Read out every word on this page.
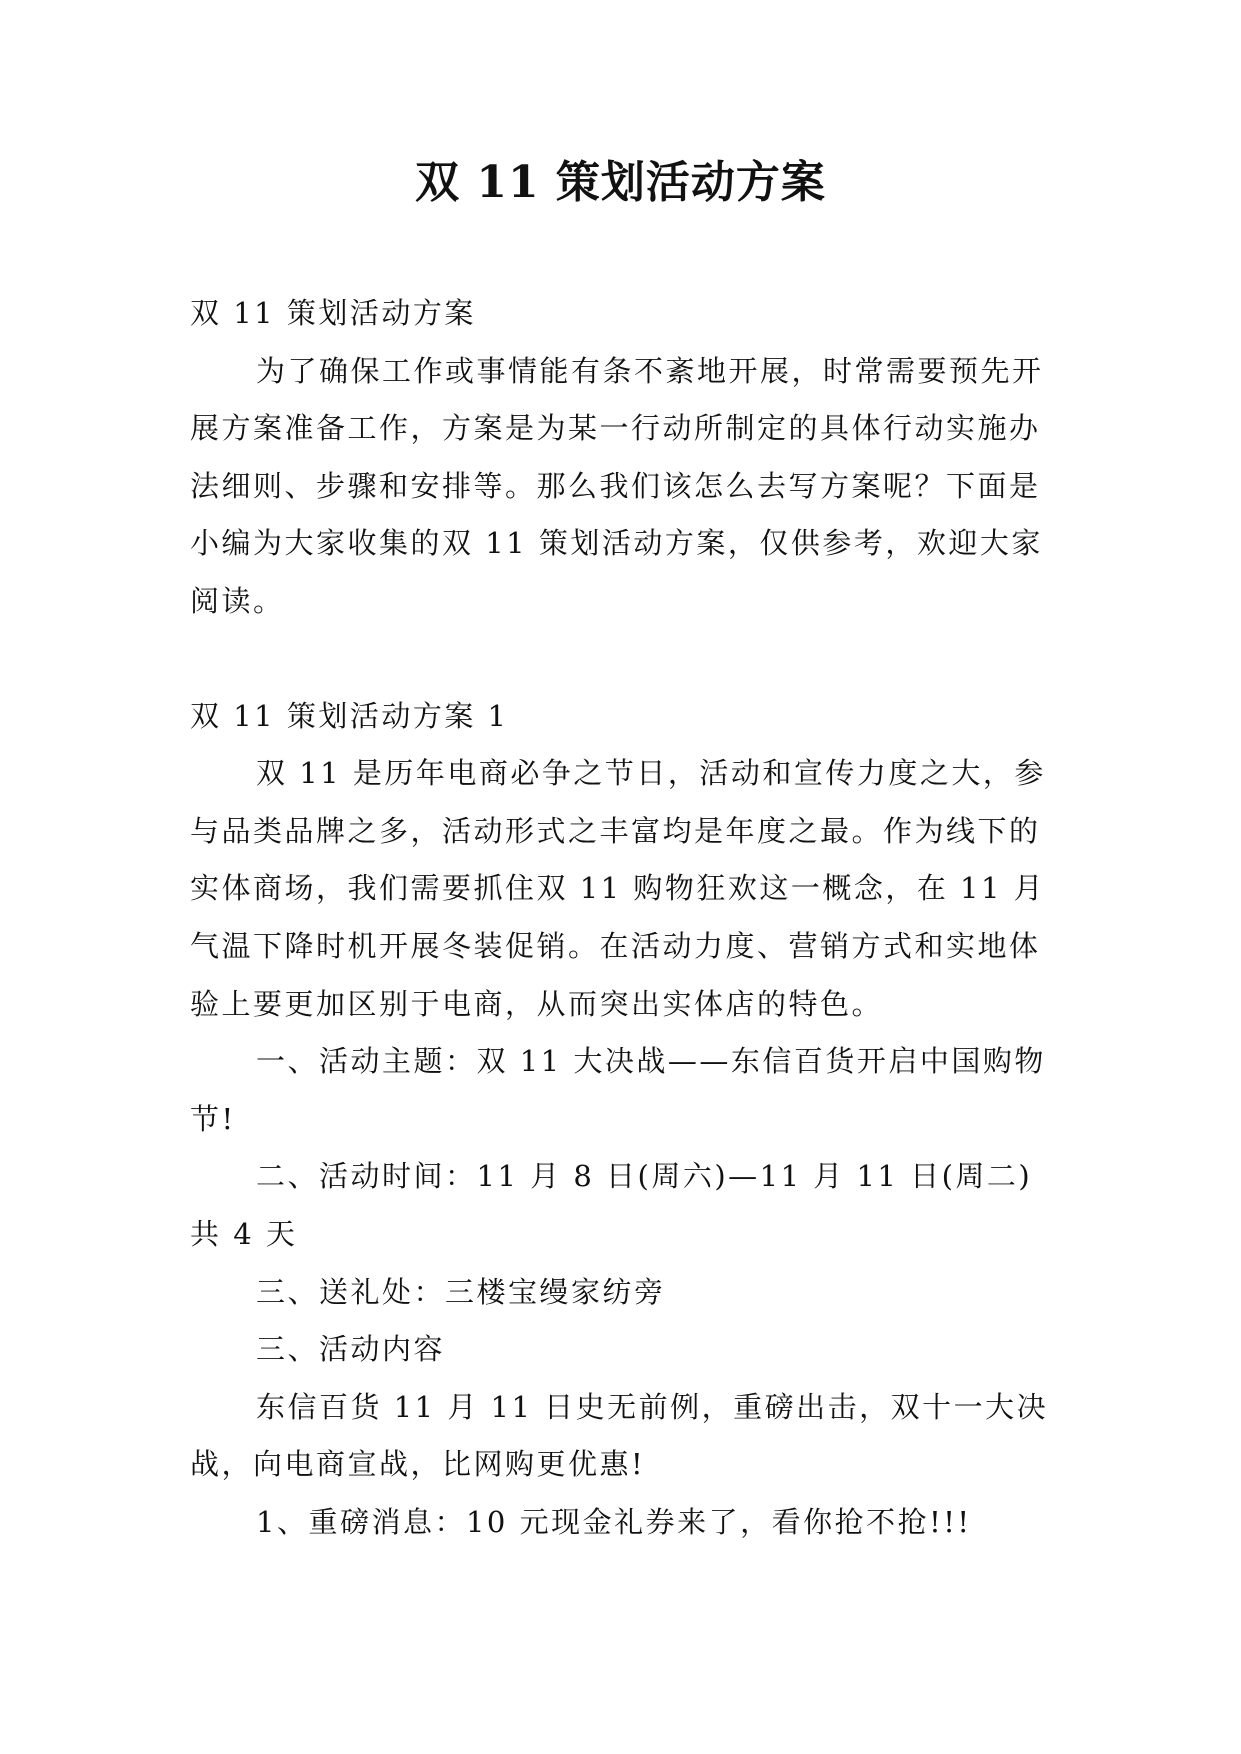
双 11 策划活动方案

双 11 策划活动方案

为了确保工作或事情能有条不紊地开展，时常需要预先开展方案准备工作，方案是为某一行动所制定的具体行动实施办法细则、步骤和安排等。那么我们该怎么去写方案呢？下面是小编为大家收集的双 11 策划活动方案，仅供参考，欢迎大家阅读。

双 11 策划活动方案 1

双 11 是历年电商必争之节日，活动和宣传力度之大，参与品类品牌之多，活动形式之丰富均是年度之最。作为线下的实体商场，我们需要抓住双 11 购物狂欢这一概念，在 11 月气温下降时机开展冬装促销。在活动力度、营销方式和实地体验上要更加区别于电商，从而突出实体店的特色。

一、活动主题：双 11 大决战——东信百货开启中国购物节!

二、活动时间：11 月 8 日(周六)—11 月 11 日(周二)共 4 天

三、送礼处：三楼宝缦家纺旁

三、活动内容

东信百货 11 月 11 日史无前例，重磅出击，双十一大决战，向电商宣战，比网购更优惠!

1、重磅消息：10 元现金礼券来了，看你抢不抢!!!
